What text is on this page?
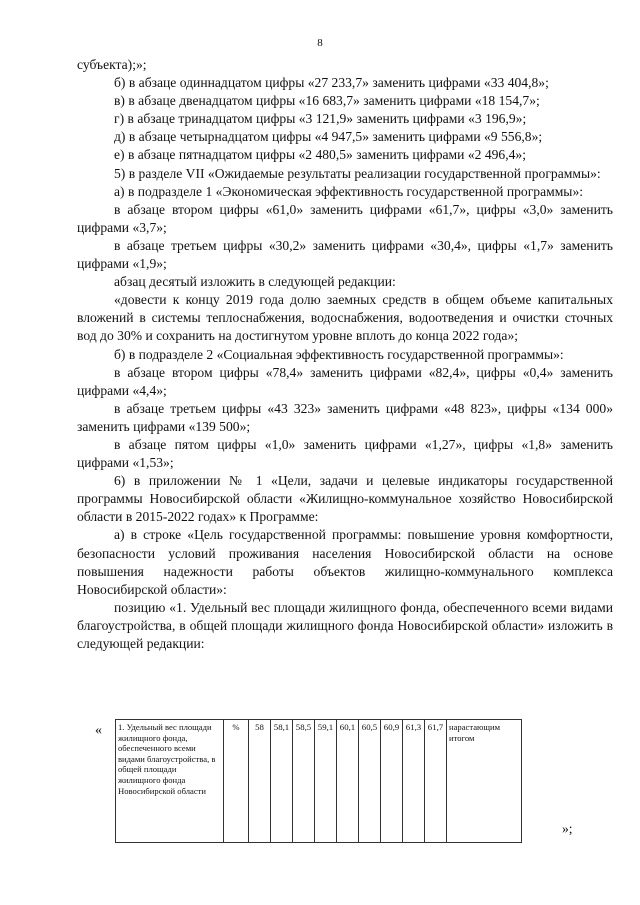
8

субъекта);»;

б) в абзаце одиннадцатом цифры «27 233,7» заменить цифрами «33 404,8»;

в) в абзаце двенадцатом цифры «16 683,7» заменить цифрами «18 154,7»;

г) в абзаце тринадцатом цифры «3 121,9» заменить цифрами «3 196,9»;

д) в абзаце четырнадцатом цифры «4 947,5» заменить цифрами «9 556,8»;

е) в абзаце пятнадцатом цифры «2 480,5» заменить цифрами «2 496,4»;

5) в разделе VII «Ожидаемые результаты реализации государственной программы»:

а) в подразделе 1 «Экономическая эффективность государственной программы»:

в абзаце втором цифры «61,0» заменить цифрами «61,7», цифры «3,0» заменить цифрами «3,7»;

в абзаце третьем цифры «30,2» заменить цифрами «30,4», цифры «1,7» заменить цифрами «1,9»;

абзац десятый изложить в следующей редакции:

«довести к концу 2019 года долю заемных средств в общем объеме капитальных вложений в системы теплоснабжения, водоснабжения, водоотведения и очистки сточных вод до 30% и сохранить на достигнутом уровне вплоть до конца 2022 года»;

б) в подразделе 2 «Социальная эффективность государственной программы»:

в абзаце втором цифры «78,4» заменить цифрами «82,4», цифры «0,4» заменить цифрами «4,4»;

в абзаце третьем цифры «43 323» заменить цифрами «48 823», цифры «134 000» заменить цифрами «139 500»;

в абзаце пятом цифры «1,0» заменить цифрами «1,27», цифры «1,8» заменить цифрами «1,53»;

6) в приложении № 1 «Цели, задачи и целевые индикаторы государственной программы Новосибирской области «Жилищно-коммунальное хозяйство Новосибирской области в 2015-2022 годах» к Программе:

а) в строке «Цель государственной программы: повышение уровня комфортности, безопасности условий проживания населения Новосибирской области на основе повышения надежности работы объектов жилищно-коммунального комплекса Новосибирской области»:

позицию «1. Удельный вес площади жилищного фонда, обеспеченного всеми видами благоустройства, в общей площади жилищного фонда Новосибирской области» изложить в следующей редакции:

« 1. Удельный вес площади жилищного фонда, обеспеченного всеми видами благоустройства, в общей площади жилищного фонда Новосибирской области	%	58	58,1	58,5	59,1	60,1	60,5	60,9	61,3	61,7	нарастающим итогом
»;
